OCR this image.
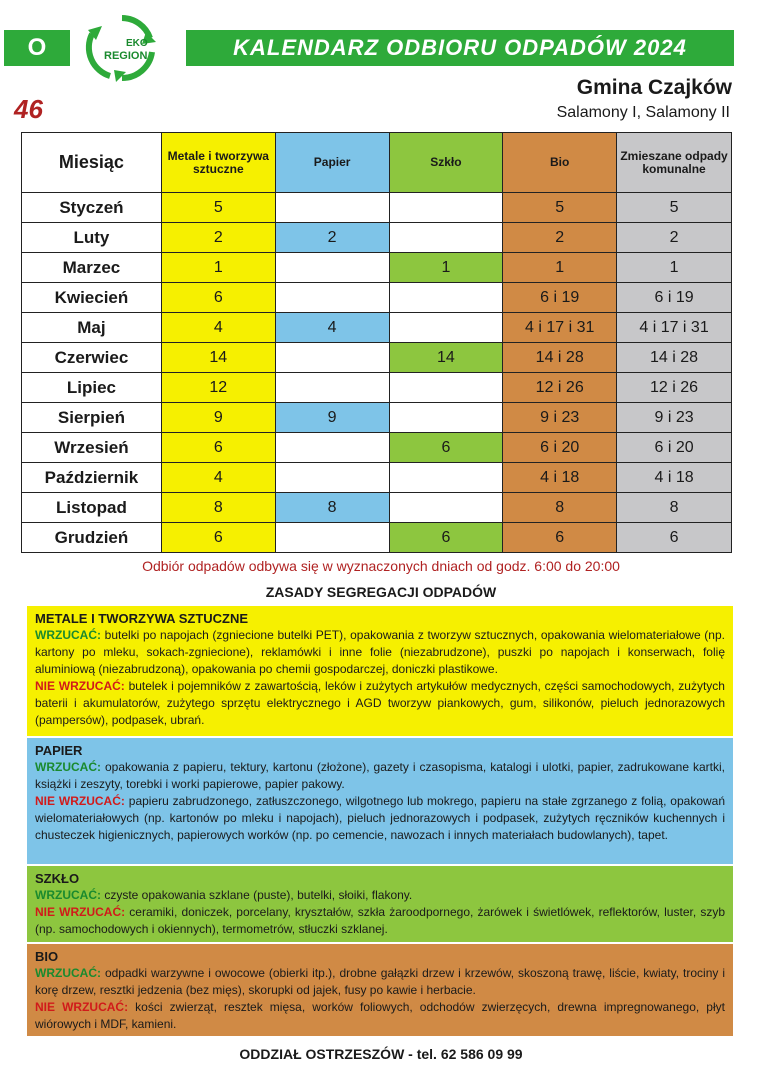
O	EKO
REGION	KALENDARZ ODBIORU ODPADÓW 2024
46
Gmina Czajków
Salamony I, Salamony II
Miesiąc	Metale i tworzywa sztuczne	Papier	Szkło	Bio	Zmieszane odpady komunalne
Styczeń	5			5	5
Luty	2	2		2	2
Marzec	1		1	1	1
Kwiecień	6			6 i 19	6 i 19
Maj	4	4		4 i 17 i 31	4 i 17 i 31
Czerwiec	14		14	14 i 28	14 i 28
Lipiec	12			12 i 26	12 i 26
Sierpień	9	9		9 i 23	9 i 23
Wrzesień	6		6	6 i 20	6 i 20
Październik	4			4 i 18	4 i 18
Listopad	8	8		8	8
Grudzień	6		6	6	6
Odbiór odpadów odbywa się w wyznaczonych dniach od godz. 6:00 do 20:00
ZASADY SEGREGACJI ODPADÓW
METALE I TWORZYWA SZTUCZNE
WRZUCAĆ: butelki po napojach (zgniecione butelki PET), opakowania z tworzyw sztucznych, opakowania wielomateriałowe (np. kartony po mleku, sokach-zgniecione), reklamówki i inne folie (niezabrudzone), puszki po napojach i konserwach, folię aluminiową (niezabrudzoną), opakowania po chemii gospodarczej, doniczki plastikowe.
NIE WRZUCAĆ: butelek i pojemników z zawartością, leków i zużytych artykułów medycznych, części samochodowych, zużytych baterii i akumulatorów, zużytego sprzętu elektrycznego i AGD tworzyw piankowych, gum, silikonów, pieluch jednorazowych (pampersów), podpasek, ubrań.
PAPIER
WRZUCAĆ: opakowania z papieru, tektury, kartonu (złożone), gazety i czasopisma, katalogi i ulotki, papier, zadrukowane kartki, książki i zeszyty, torebki i worki papierowe, papier pakowy.
NIE WRZUCAĆ: papieru zabrudzonego, zatłuszczonego, wilgotnego lub mokrego, papieru na stałe zgrzanego z folią, opakowań wielomateriałowych (np. kartonów po mleku i napojach), pieluch jednorazowych i podpasek, zużytych ręczników kuchennych i chusteczek higienicznych, papierowych worków (np. po cemencie, nawozach i innych materiałach budowlanych), tapet.
SZKŁO
WRZUCAĆ: czyste opakowania szklane (puste), butelki, słoiki, flakony.
NIE WRZUCAĆ: ceramiki, doniczek, porcelany, kryształów, szkła żaroodpornego, żarówek i świetlówek, reflektorów, luster, szyb (np. samochodowych i okiennych), termometrów, stłuczki szklanej.
BIO
WRZUCAĆ: odpadki warzywne i owocowe (obierki itp.), drobne gałązki drzew i krzewów, skoszoną trawę, liście, kwiaty, trociny i korę drzew, resztki jedzenia (bez mięs), skorupki od jajek, fusy po kawie i herbacie.
NIE WRZUCAĆ: kości zwierząt, resztek mięsa, worków foliowych, odchodów zwierzęcych, drewna impregnowanego, płyt wiórowych i MDF, kamieni.
ODDZIAŁ OSTRZESZÓW - tel. 62 586 09 99
